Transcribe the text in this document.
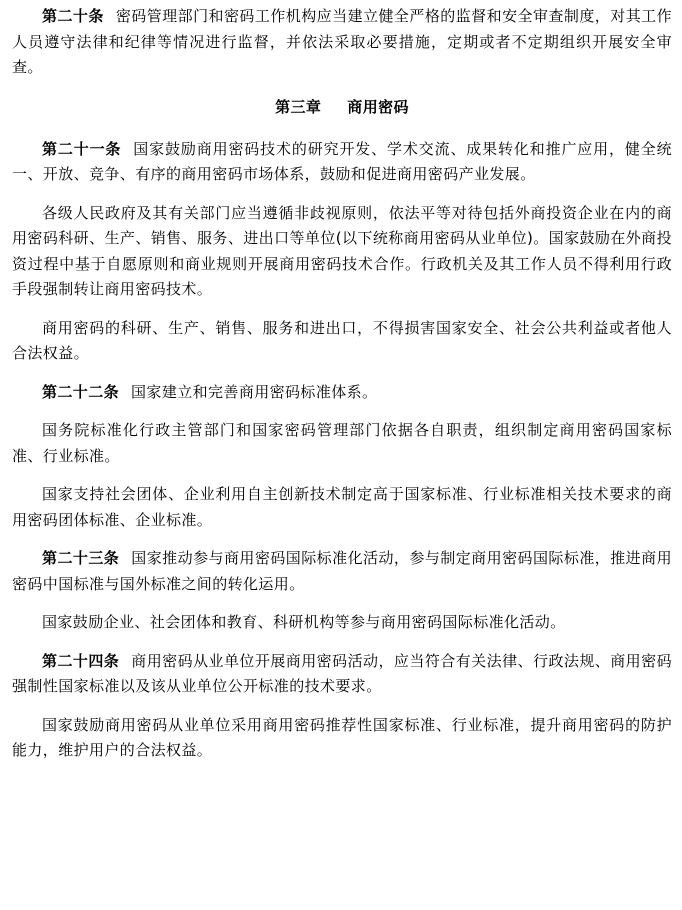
第二十条 密码管理部门和密码工作机构应当建立健全严格的监督和安全审查制度，对其工作人员遵守法律和纪律等情况进行监督，并依法采取必要措施，定期或者不定期组织开展安全审查。

第三章 商用密码

第二十一条 国家鼓励商用密码技术的研究开发、学术交流、成果转化和推广应用，健全统一、开放、竞争、有序的商用密码市场体系，鼓励和促进商用密码产业发展。

各级人民政府及其有关部门应当遵循非歧视原则，依法平等对待包括外商投资企业在内的商用密码科研、生产、销售、服务、进出口等单位(以下统称商用密码从业单位)。国家鼓励在外商投资过程中基于自愿原则和商业规则开展商用密码技术合作。行政机关及其工作人员不得利用行政手段强制转让商用密码技术。

商用密码的科研、生产、销售、服务和进出口，不得损害国家安全、社会公共利益或者他人合法权益。

第二十二条 国家建立和完善商用密码标准体系。

国务院标准化行政主管部门和国家密码管理部门依据各自职责，组织制定商用密码国家标准、行业标准。

国家支持社会团体、企业利用自主创新技术制定高于国家标准、行业标准相关技术要求的商用密码团体标准、企业标准。

第二十三条 国家推动参与商用密码国际标准化活动，参与制定商用密码国际标准，推进商用密码中国标准与国外标准之间的转化运用。

国家鼓励企业、社会团体和教育、科研机构等参与商用密码国际标准化活动。

第二十四条 商用密码从业单位开展商用密码活动，应当符合有关法律、行政法规、商用密码强制性国家标准以及该从业单位公开标准的技术要求。

国家鼓励商用密码从业单位采用商用密码推荐性国家标准、行业标准，提升商用密码的防护能力，维护用户的合法权益。
